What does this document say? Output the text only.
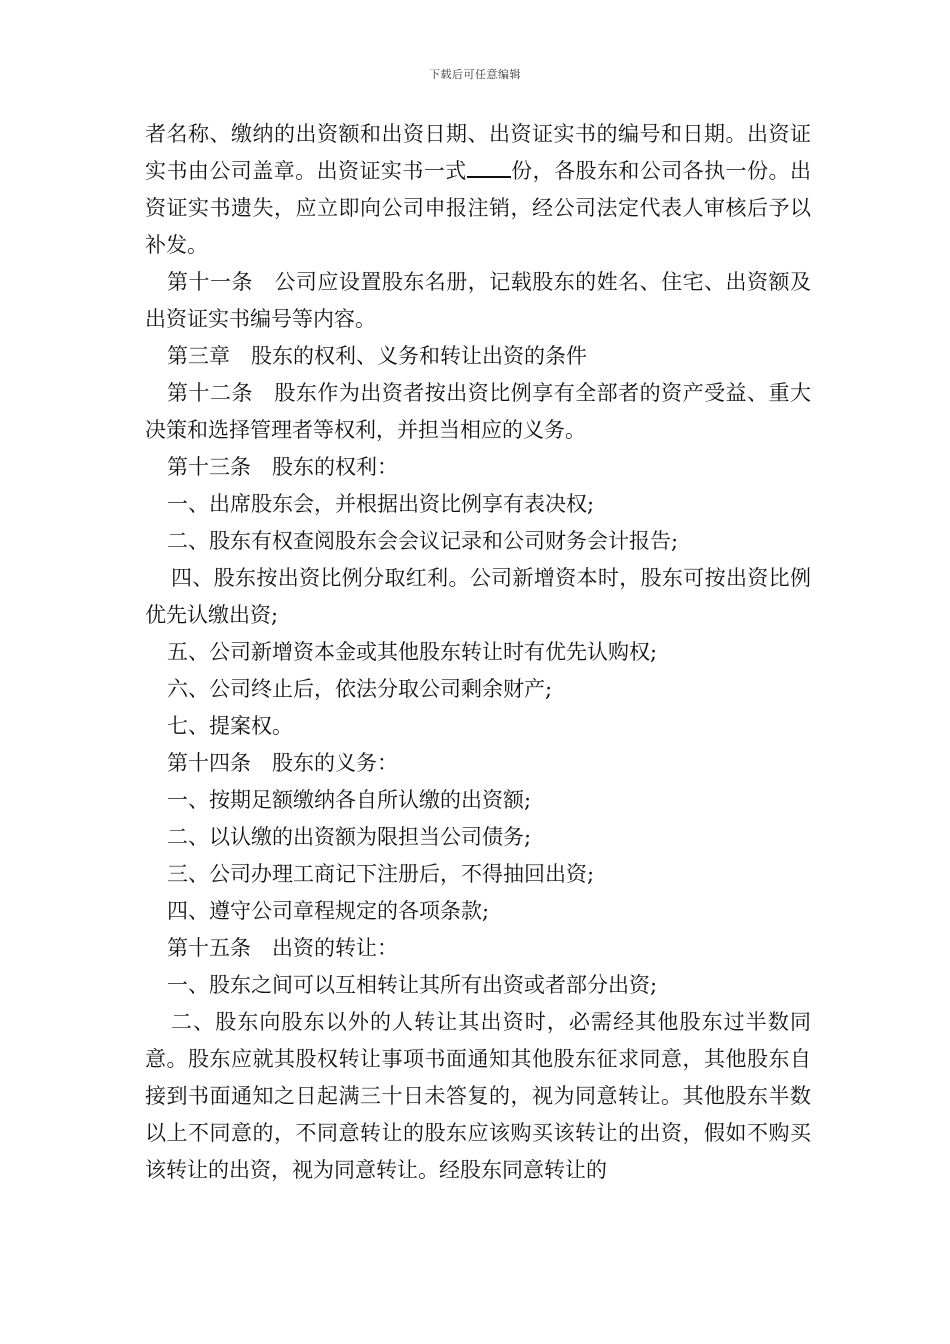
下载后可任意编辑

者名称、缴纳的出资额和出资日期、出资证实书的编号和日期。出资证实书由公司盖章。出资证实书一式 份，各股东和公司各执一份。出资证实书遗失，应立即向公司申报注销，经公司法定代表人审核后予以补发。

第十一条　公司应设置股东名册，记载股东的姓名、住宅、出资额及出资证实书编号等内容。

第三章　股东的权利、义务和转让出资的条件

第十二条　股东作为出资者按出资比例享有全部者的资产受益、重大决策和选择管理者等权利，并担当相应的义务。

第十三条　股东的权利：

一、出席股东会，并根据出资比例享有表决权;

二、股东有权查阅股东会会议记录和公司财务会计报告;

四、股东按出资比例分取红利。公司新增资本时，股东可按出资比例优先认缴出资;

五、公司新增资本金或其他股东转让时有优先认购权;

六、公司终止后，依法分取公司剩余财产;

七、提案权。

第十四条　股东的义务：

一、按期足额缴纳各自所认缴的出资额;

二、以认缴的出资额为限担当公司债务;

三、公司办理工商记下注册后，不得抽回出资;

四、遵守公司章程规定的各项条款;

第十五条　出资的转让：

一、股东之间可以互相转让其所有出资或者部分出资;

二、股东向股东以外的人转让其出资时，必需经其他股东过半数同意。股东应就其股权转让事项书面通知其他股东征求同意，其他股东自接到书面通知之日起满三十日未答复的，视为同意转让。其他股东半数以上不同意的，不同意转让的股东应该购买该转让的出资，假如不购买该转让的出资，视为同意转让。经股东同意转让的
